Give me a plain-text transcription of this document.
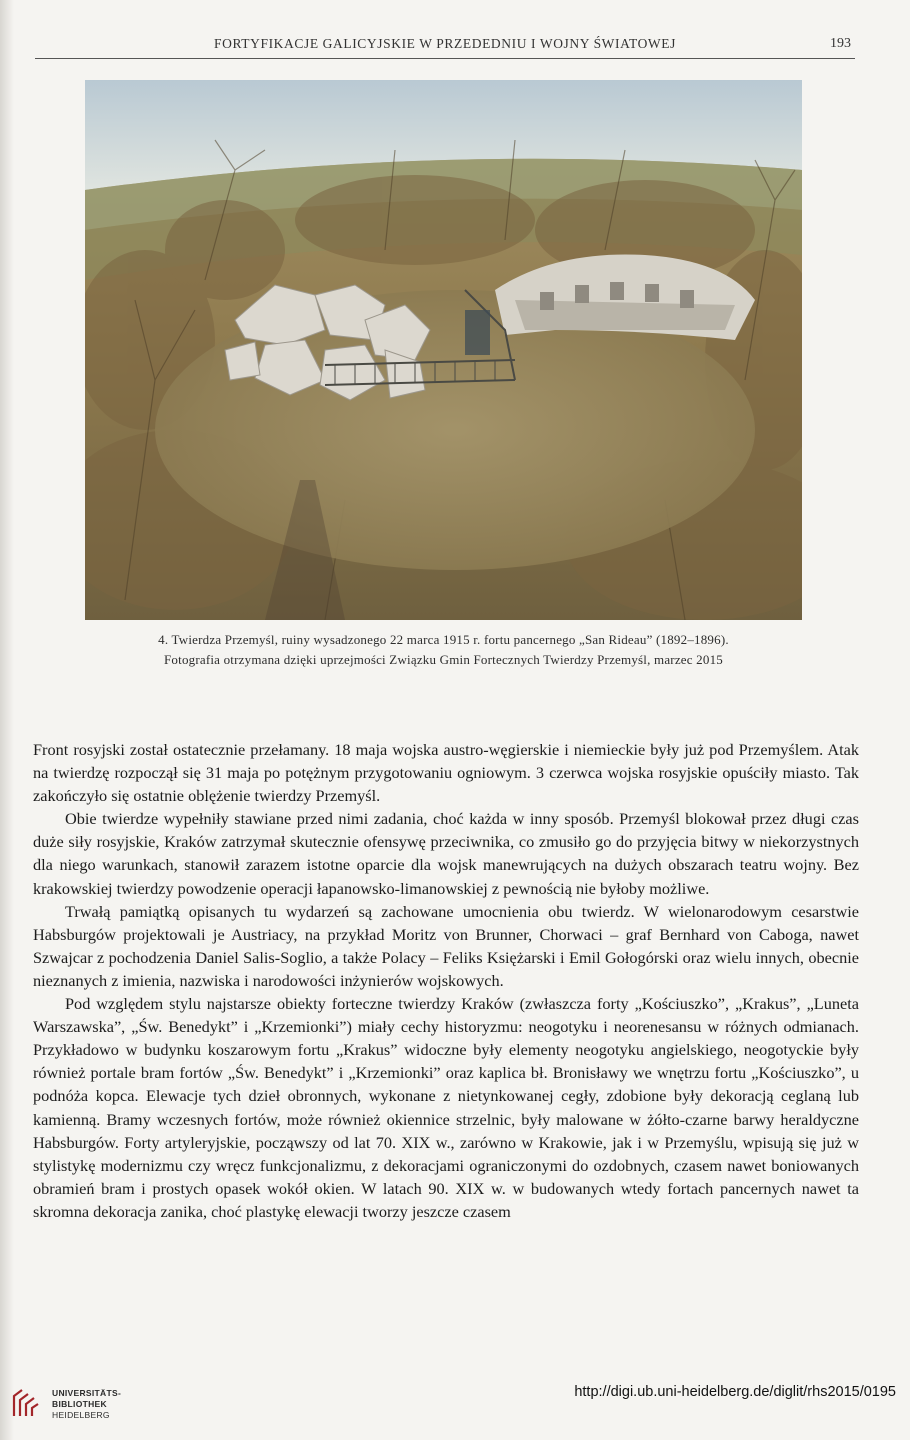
FORTYFIKACJE GALICYJSKIE W PRZEDEDNIU I WOJNY ŚWIATOWEJ	193

4. Twierdza Przemyśl, ruiny wysadzonego 22 marca 1915 r. fortu pancernego „San Rideau” (1892–1896).

Fotografia otrzymana dzięki uprzejmości Związku Gmin Fortecznych Twierdzy Przemyśl, marzec 2015

Front rosyjski został ostatecznie przełamany. 18 maja wojska austro-węgierskie i niemieckie były już pod Przemyślem. Atak na twierdzę rozpoczął się 31 maja po potężnym przygotowaniu ogniowym. 3 czerwca wojska rosyjskie opuściły miasto. Tak zakończyło się ostatnie oblężenie twierdzy Przemyśl.

Obie twierdze wypełniły stawiane przed nimi zadania, choć każda w inny sposób. Przemyśl blokował przez długi czas duże siły rosyjskie, Kraków zatrzymał skutecznie ofensywę przeciwnika, co zmusiło go do przyjęcia bitwy w niekorzystnych dla niego warunkach, stanowił zarazem istotne oparcie dla wojsk manewrujących na dużych obszarach teatru wojny. Bez krakowskiej twierdzy powodzenie operacji łapanowsko-limanowskiej z pewnością nie byłoby możliwe.

Trwałą pamiątką opisanych tu wydarzeń są zachowane umocnienia obu twierdz. W wielonarodowym cesarstwie Habsburgów projektowali je Austriacy, na przykład Moritz von Brunner, Chorwaci – graf Bernhard von Caboga, nawet Szwajcar z pochodzenia Daniel Salis-Soglio, a także Polacy – Feliks Księżarski i Emil Gołogórski oraz wielu innych, obecnie nieznanych z imienia, nazwiska i narodowości inżynierów wojskowych.

Pod względem stylu najstarsze obiekty forteczne twierdzy Kraków (zwłaszcza forty „Kościuszko”, „Krakus”, „Luneta Warszawska”, „Św. Benedykt” i „Krzemionki”) miały cechy historyzmu: neogotyku i neorenesansu w różnych odmianach. Przykładowo w budynku koszarowym fortu „Krakus” widoczne były elementy neogotyku angielskiego, neogotyckie były również portale bram fortów „Św. Benedykt” i „Krzemionki” oraz kaplica bł. Bronisławy we wnętrzu fortu „Kościuszko”, u podnóża kopca. Elewacje tych dzieł obronnych, wykonane z nietynkowanej cegły, zdobione były dekoracją ceglaną lub kamienną. Bramy wczesnych fortów, może również okiennice strzelnic, były malowane w żółto-czarne barwy heraldyczne Habsburgów. Forty artyleryjskie, począwszy od lat 70. XIX w., zarówno w Krakowie, jak i w Przemyślu, wpisują się już w stylistykę modernizmu czy wręcz funkcjonalizmu, z dekoracjami ograniczonymi do ozdobnych, czasem nawet boniowanych obramień bram i prostych opasek wokół okien. W latach 90. XIX w. w budowanych wtedy fortach pancernych nawet ta skromna dekoracja zanika, choć plastykę elewacji tworzy jeszcze czasem

UNIVERSITÄTS-
BIBLIOTHEK
HEIDELBERG
http://digi.ub.uni-heidelberg.de/diglit/rhs2015/0195
